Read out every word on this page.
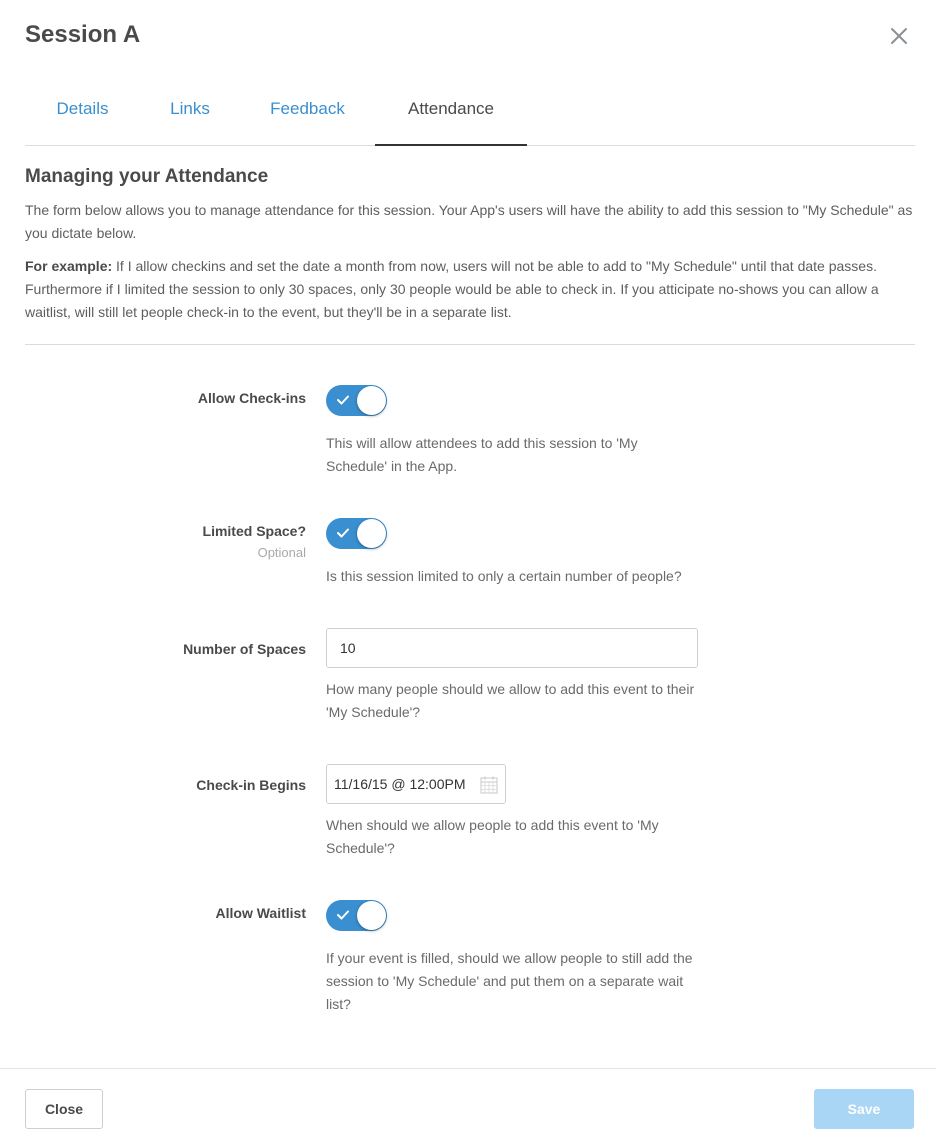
Session A
Details	Links	Feedback	Attendance
Managing your Attendance
The form below allows you to manage attendance for this session. Your App's users will have the ability to add this session to "My Schedule" as you dictate below.
For example: If I allow checkins and set the date a month from now, users will not be able to add to "My Schedule" until that date passes. Furthermore if I limited the session to only 30 spaces, only 30 people would be able to check in. If you atticipate no-shows you can allow a waitlist, will still let people check-in to the event, but they'll be in a separate list.
Allow Check-ins
This will allow attendees to add this session to 'My Schedule' in the App.
Limited Space?
Optional
Is this session limited to only a certain number of people?
Number of Spaces
10
How many people should we allow to add this event to their 'My Schedule'?
Check-in Begins 11/16/15 @ 12:00PM
When should we allow people to add this event to 'My Schedule'?
Allow Waitlist
If your event is filled, should we allow people to still add the session to 'My Schedule' and put them on a separate wait list?
Close	Save
